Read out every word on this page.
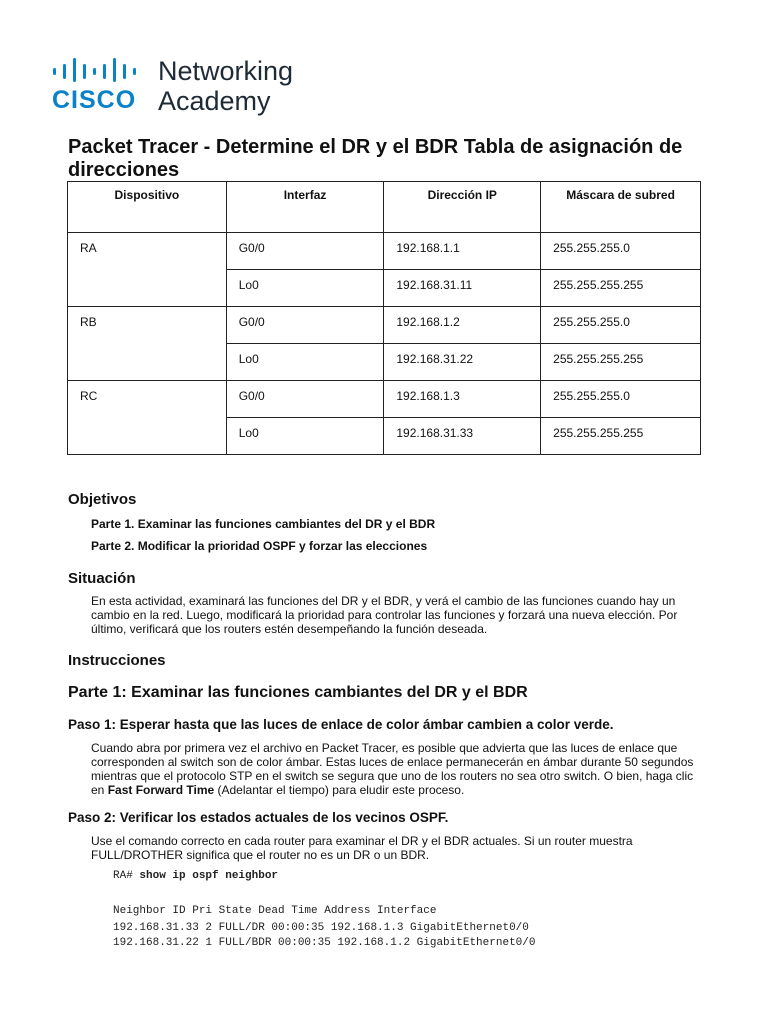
CISCO
Networking
Academy
Packet Tracer - Determine el DR y el BDR Tabla de asignación de direcciones
Dispositivo	Interfaz	Dirección IP	Máscara de subred
RA	G0/0	192.168.1.1	255.255.255.0
	Lo0	192.168.31.11	255.255.255.255
RB	G0/0	192.168.1.2	255.255.255.0
	Lo0	192.168.31.22	255.255.255.255
RC	G0/0	192.168.1.3	255.255.255.0
	Lo0	192.168.31.33	255.255.255.255
Objetivos
Parte 1. Examinar las funciones cambiantes del DR y el BDR
Parte 2. Modificar la prioridad OSPF y forzar las elecciones
Situación
En esta actividad, examinará las funciones del DR y el BDR, y verá el cambio de las funciones cuando hay un
cambio en la red. Luego, modificará la prioridad para controlar las funciones y forzará una nueva elección. Por
último, verificará que los routers estén desempeñando la función deseada.
Instrucciones
Parte 1: Examinar las funciones cambiantes del DR y el BDR
Paso 1: Esperar hasta que las luces de enlace de color ámbar cambien a color verde.
Cuando abra por primera vez el archivo en Packet Tracer, es posible que advierta que las luces de enlace que
corresponden al switch son de color ámbar. Estas luces de enlace permanecerán en ámbar durante 50 segundos
mientras que el protocolo STP en el switch se segura que uno de los routers no sea otro switch. O bien, haga clic
en Fast Forward Time (Adelantar el tiempo) para eludir este proceso.
Paso 2: Verificar los estados actuales de los vecinos OSPF.
Use el comando correcto en cada router para examinar el DR y el BDR actuales. Si un router muestra
FULL/DROTHER significa que el router no es un DR o un BDR.
RA# show ip ospf neighbor
Neighbor ID Pri State Dead Time Address Interface
192.168.31.33 2 FULL/DR 00:00:35 192.168.1.3 GigabitEthernet0/0
192.168.31.22 1 FULL/BDR 00:00:35 192.168.1.2 GigabitEthernet0/0
